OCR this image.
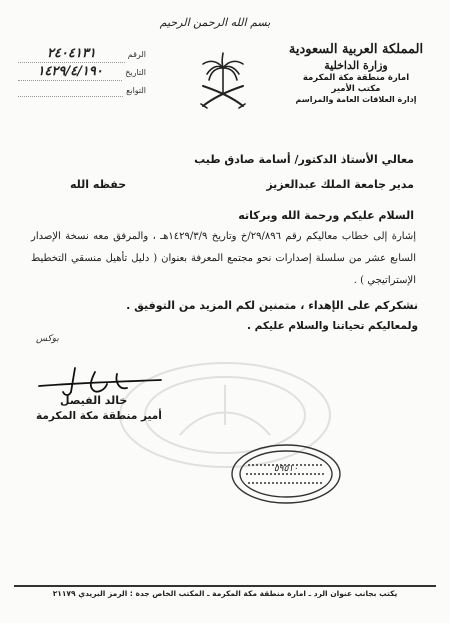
بسم الله الرحمن الرحيم
المملكة العربية السعودية
وزارة الداخلية
امارة منطقة مكة المكرمة
مكتب الأمير
إدارة العلاقات العامة والمراسم
الرقم
٢٤٠٤١٣١
التاريخ
١٤٢٩/٤/١٩٠
التوابع
معالي الأستاذ الدكتور/ أسامة صادق طيب
مدير جامعة الملك عبدالعزيز
حفظه الله
السلام عليكم ورحمة الله وبركاته
إشارة إلى خطاب معاليكم رقم ٢٩/٨٩٦/خ وتاريخ ١٤٢٩/٣/٩هـ ، والمرفق معه نسخة الإصدار السابع عشر من سلسلة إصدارات نحو مجتمع المعرفة بعنوان ( دليل تأهيل منسقي التخطيط الإستراتيجي ) .
نشكركم على الإهداء ، متمنين لكم المزيد من التوفيق .
ولمعاليكم تحياتنا والسلام عليكم .
بوكس
خالد الفيصل
أمير منطقة مكة المكرمة
٥٩٥١٠
يكتب بجانب عنوان الرد ـ امارة منطقة مكة المكرمة ـ المكتب الخاص جدة : الرمز البريدي ٢١١٧٩
